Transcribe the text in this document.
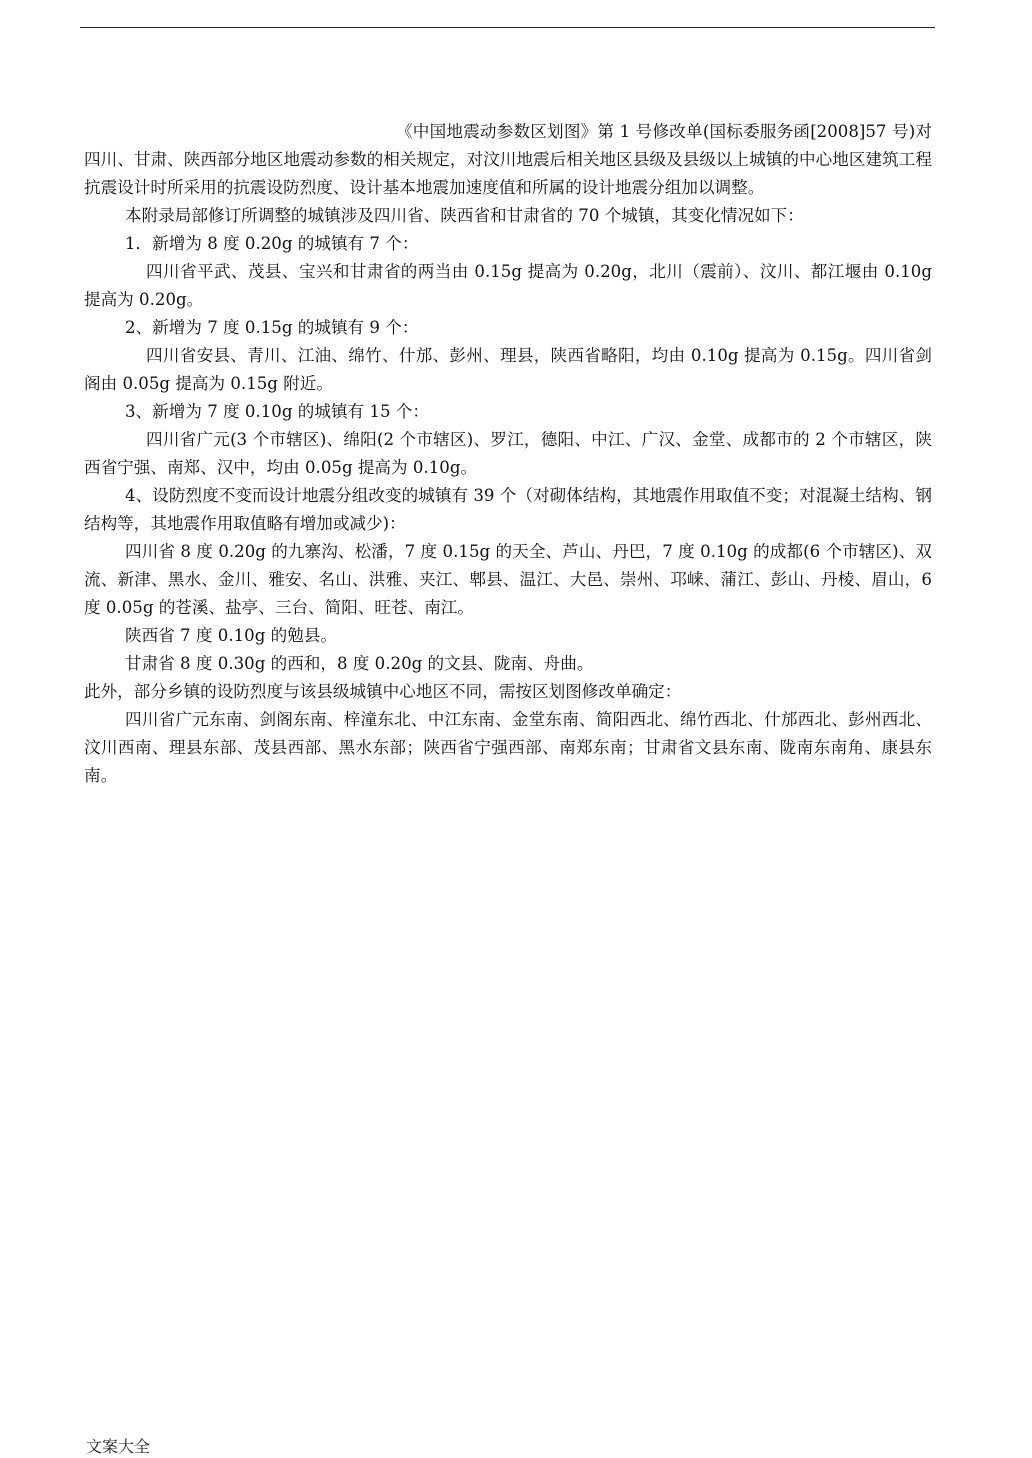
《中国地震动参数区划图》第 1 号修改单(国标委服务函[2008]57 号)对四川、甘肃、陕西部分地区地震动参数的相关规定，对汶川地震后相关地区县级及县级以上城镇的中心地区建筑工程抗震设计时所采用的抗震设防烈度、设计基本地震加速度值和所属的设计地震分组加以调整。

本附录局部修订所调整的城镇涉及四川省、陕西省和甘肃省的 70 个城镇，其变化情况如下：

1．新增为 8 度 0.20g 的城镇有 7 个：

四川省平武、茂县、宝兴和甘肃省的两当由 0.15g 提高为 0.20g，北川（震前）、汶川、都江堰由 0.10g 提高为 0.20g。

2、新增为 7 度 0.15g 的城镇有 9 个：

四川省安县、青川、江油、绵竹、什邡、彭州、理县，陕西省略阳，均由 0.10g 提高为 0.15g。四川省剑阁由 0.05g 提高为 0.15g 附近。

3、新增为 7 度 0.10g 的城镇有 15 个：

四川省广元(3 个市辖区)、绵阳(2 个市辖区)、罗江，德阳、中江、广汉、金堂、成都市的 2 个市辖区，陕西省宁强、南郑、汉中，均由 0.05g 提高为 0.10g。

4、设防烈度不变而设计地震分组改变的城镇有 39 个（对砌体结构，其地震作用取值不变；对混凝土结构、钢结构等，其地震作用取值略有增加或减少)：

四川省 8 度 0.20g 的九寨沟、松潘，7 度 0.15g 的天全、芦山、丹巴，7 度 0.10g 的成都(6 个市辖区)、双流、新津、黑水、金川、雅安、名山、洪雅、夹江、郫县、温江、大邑、崇州、邛崃、蒲江、彭山、丹棱、眉山，6 度 0.05g 的苍溪、盐亭、三台、简阳、旺苍、南江。

陕西省 7 度 0.10g 的勉县。

甘肃省 8 度 0.30g 的西和，8 度 0.20g 的文县、陇南、舟曲。

此外，部分乡镇的设防烈度与该县级城镇中心地区不同，需按区划图修改单确定：

四川省广元东南、剑阁东南、梓潼东北、中江东南、金堂东南、简阳西北、绵竹西北、什邡西北、彭州西北、汶川西南、理县东部、茂县西部、黑水东部；陕西省宁强西部、南郑东南；甘肃省文县东南、陇南东南角、康县东南。

文案大全
